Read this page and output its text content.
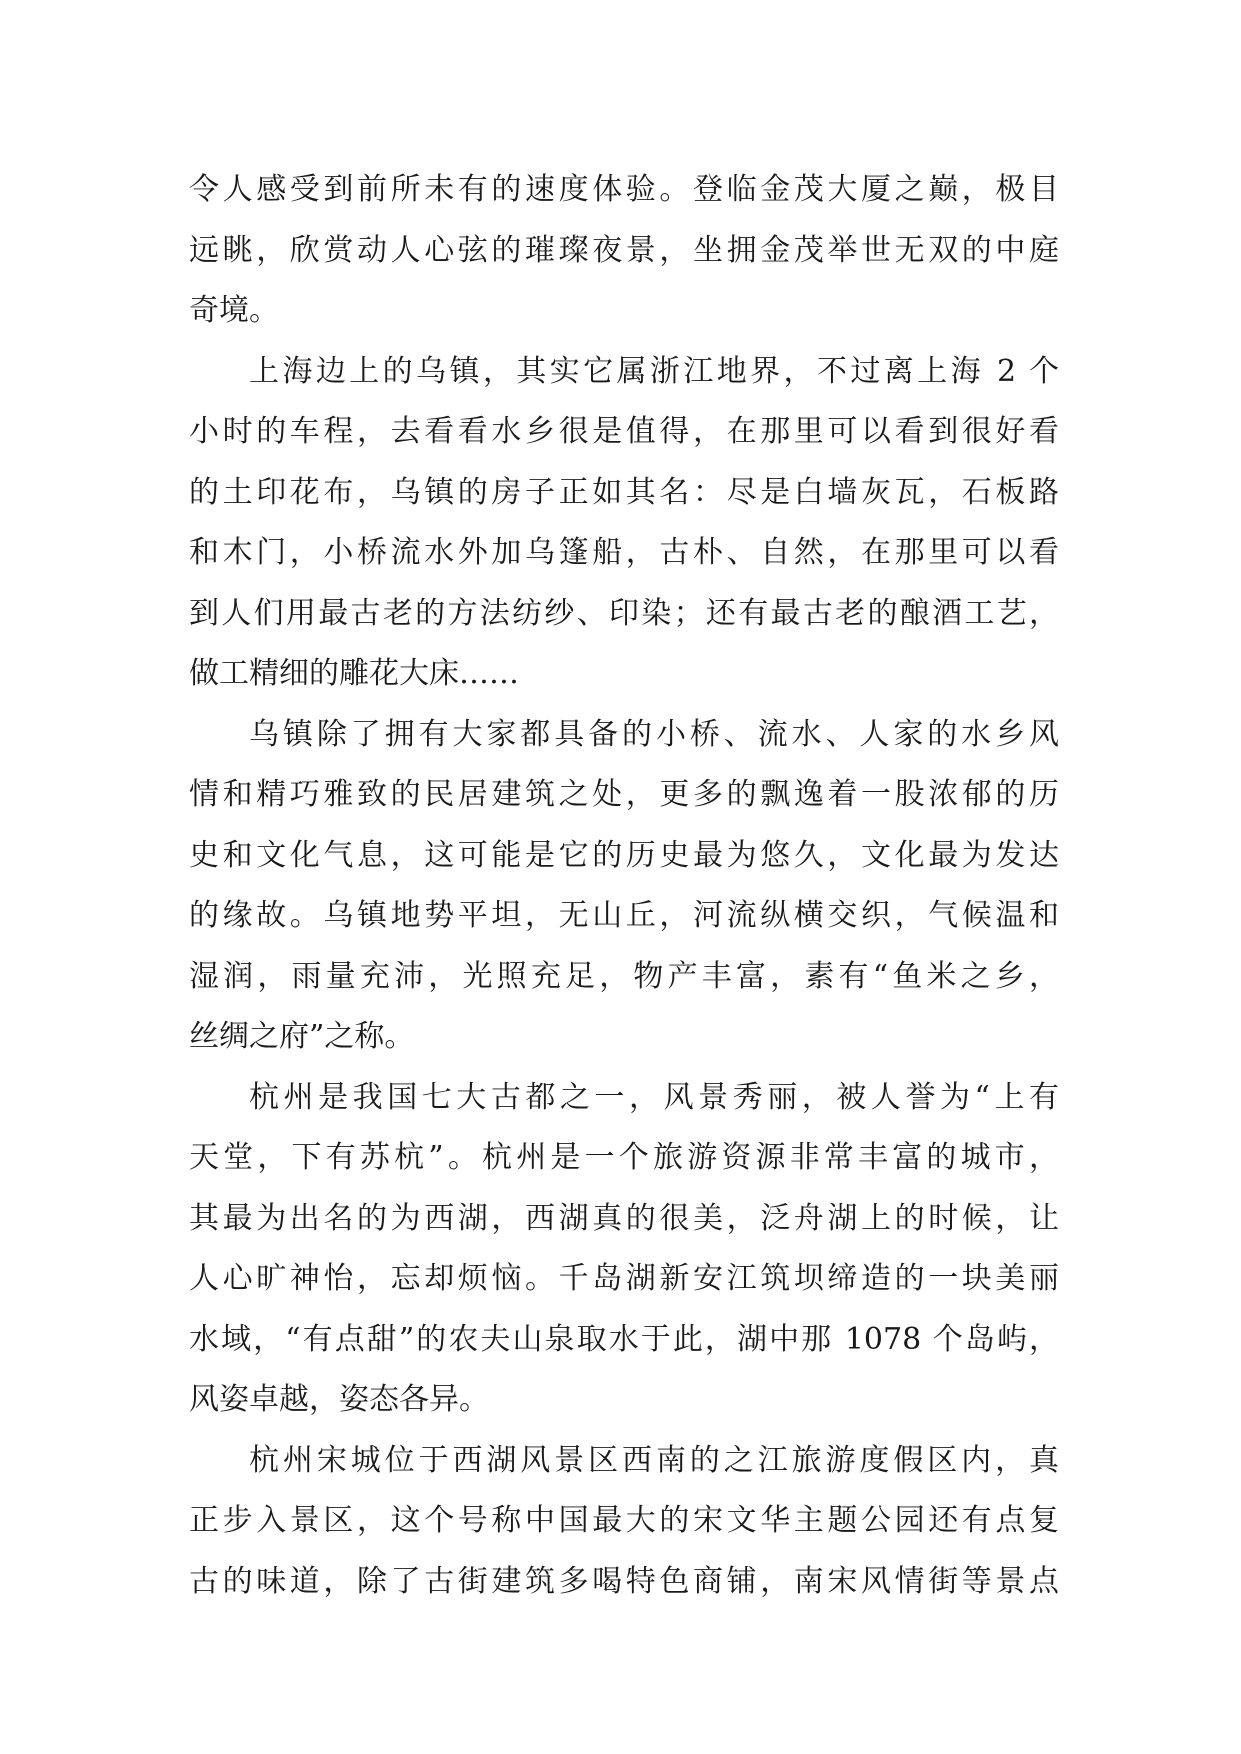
令人感受到前所未有的速度体验。登临金茂大厦之巅，极目
远眺，欣赏动人心弦的璀璨夜景，坐拥金茂举世无双的中庭
奇境。
上海边上的乌镇，其实它属浙江地界，不过离上海 2 个
小时的车程，去看看水乡很是值得，在那里可以看到很好看
的土印花布，乌镇的房子正如其名：尽是白墙灰瓦，石板路
和木门，小桥流水外加乌篷船，古朴、自然，在那里可以看
到人们用最古老的方法纺纱、印染；还有最古老的酿酒工艺，
做工精细的雕花大床……
乌镇除了拥有大家都具备的小桥、流水、人家的水乡风
情和精巧雅致的民居建筑之处，更多的飘逸着一股浓郁的历
史和文化气息，这可能是它的历史最为悠久，文化最为发达
的缘故。乌镇地势平坦，无山丘，河流纵横交织，气候温和
湿润，雨量充沛，光照充足，物产丰富，素有“鱼米之乡，
丝绸之府”之称。
杭州是我国七大古都之一，风景秀丽，被人誉为“上有
天堂，下有苏杭”。杭州是一个旅游资源非常丰富的城市，
其最为出名的为西湖，西湖真的很美，泛舟湖上的时候，让
人心旷神怡，忘却烦恼。千岛湖新安江筑坝缔造的一块美丽
水域，“有点甜”的农夫山泉取水于此，湖中那 1078 个岛屿，
风姿卓越，姿态各异。
杭州宋城位于西湖风景区西南的之江旅游度假区内，真
正步入景区，这个号称中国最大的宋文华主题公园还有点复
古的味道，除了古街建筑多喝特色商铺，南宋风情街等景点
